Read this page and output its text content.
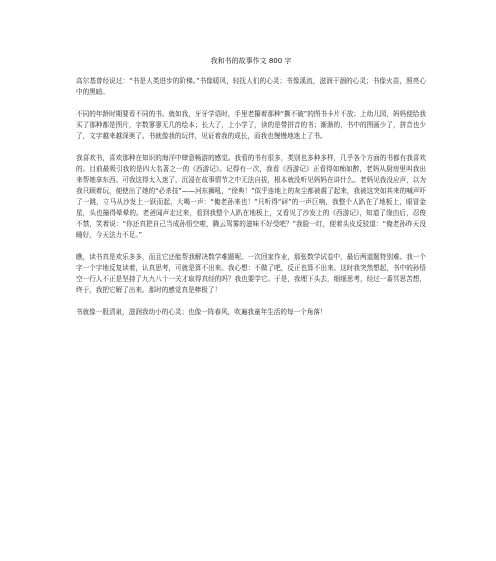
我和书的故事作文 800 字

高尔基曾经说过：“书是人类进步的阶梯。”书像暖风，轻抚人们的心灵；书像溪流，滋润干涸的心灵；书像火苗，照亮心中的黑暗。

不同的年龄时期要看不同的书。就如我，牙牙学语时，手里老攥着那种“撕不破”的图书卡片不放；上幼儿园，妈妈便给我买了那种都是图片，字数寥寥无几的绘本；长大了，上小学了，读的是带拼音的书；渐渐的，书中的图画少了，拼音也少了，文字越来越深奥了。书就像我的玩伴，见证着我的成长，而我也慢慢地迷上了书。

我喜欢书，喜欢那种在知识的海洋中肆意畅游的感觉。我看的书有很多，类别也多种多样，几乎各个方面的书都有我喜欢的。目前最吸引我的是四大名著之一的《西游记》。记得有一次，我看《西游记》正看得如痴如醉，老妈从厨房里叫我出来帮她拿东西。可我这得太入迷了，沉浸在故事情节之中无法自拔，根本就没听见妈妈在讲什么。老妈见我没应声，以为我只顾着玩，便使出了她的“必杀技”——河东狮吼，“徐典！”似乎连地上的灰尘都被震了起来，我被这突如其来的喊声吓了一跳，立马从沙发上一跃而起，大喝一声：“俺老孙来也！”只听得“砰”的一声巨响，我整个人趴在了地板上，眼冒金星，头也撞得晕晕的。老爸闻声走过来，看到我整个人趴在地板上，又看见了沙发上的《西游记》，知道了缘由后，忍俊不禁，笑着说：“你还真把自己当成孙悟空啦，腾云驾雾的滋味不好受吧？”我脸一红，便着头皮反驳道：“俺老孙昨天没睡好，今天法力不足。”

瞧，读书真是欢乐多多，而且它还能帮我解决数学难题呢。一次回家作业，那张数学试卷中，最后两道题特别难。我一个字一个字地反复读着，认真思考，可就是算不出来。我心想：不做了吧，反正也算不出来。这时我突然想起，书中的孙悟空一行人不正是坚持了九九八十一关才取得真经的吗？我也要学它。于是，我埋下头去，细细思考，经过一番冥思苦想，终于，我把它解了出来。那时的感觉真是棒极了！

书就像一股清泉，滋润我幼小的心灵；也像一阵春风，吹遍我童年生活的每一个角落！
